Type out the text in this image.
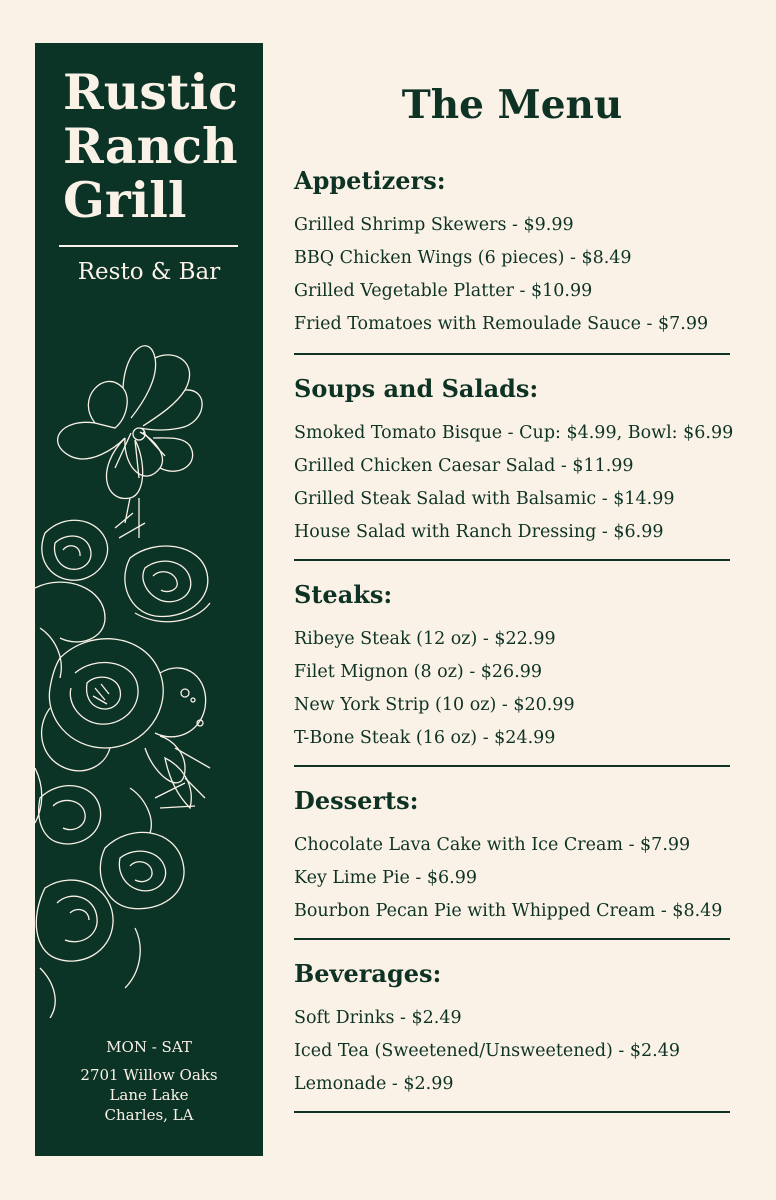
Rustic
Ranch
Grill
Resto & Bar
MON - SAT
2701 Willow Oaks
Lane Lake
Charles, LA
The Menu
Appetizers:
Grilled Shrimp Skewers - $9.99
BBQ Chicken Wings (6 pieces) - $8.49
Grilled Vegetable Platter - $10.99
Fried Tomatoes with Remoulade Sauce - $7.99
Soups and Salads:
Smoked Tomato Bisque - Cup: $4.99, Bowl: $6.99
Grilled Chicken Caesar Salad - $11.99
Grilled Steak Salad with Balsamic - $14.99
House Salad with Ranch Dressing - $6.99
Steaks:
Ribeye Steak (12 oz) - $22.99
Filet Mignon (8 oz) - $26.99
New York Strip (10 oz) - $20.99
T-Bone Steak (16 oz) - $24.99
Desserts:
Chocolate Lava Cake with Ice Cream - $7.99
Key Lime Pie - $6.99
Bourbon Pecan Pie with Whipped Cream - $8.49
Beverages:
Soft Drinks - $2.49
Iced Tea (Sweetened/Unsweetened) - $2.49
Lemonade - $2.99
